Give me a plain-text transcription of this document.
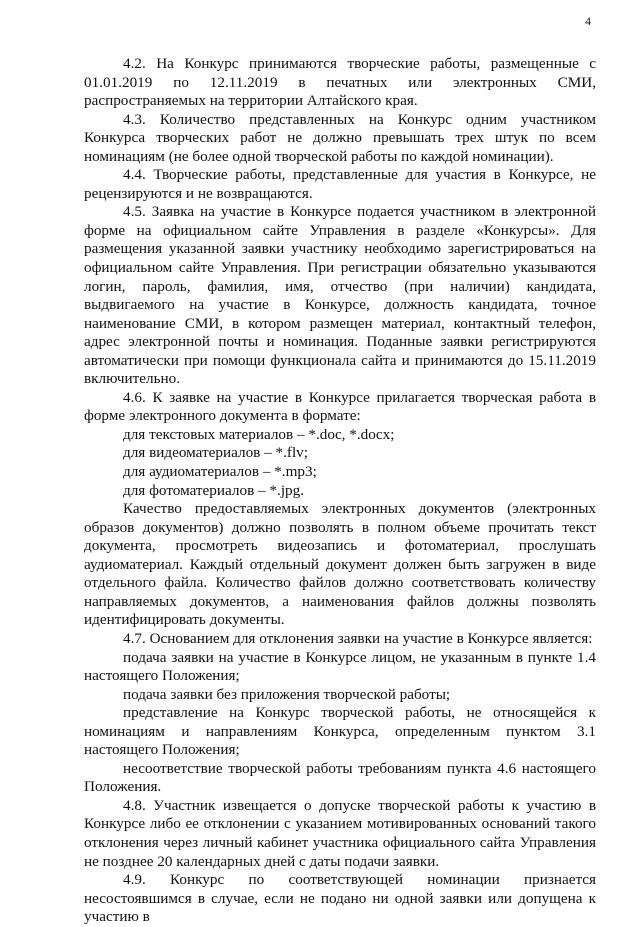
4

4.2. На Конкурс принимаются творческие работы, размещенные с 01.01.2019 по 12.11.2019 в печатных или электронных СМИ, распространяемых на территории Алтайского края.

4.3. Количество представленных на Конкурс одним участником Конкурса творческих работ не должно превышать трех штук по всем номинациям (не более одной творческой работы по каждой номинации).

4.4. Творческие работы, представленные для участия в Конкурсе, не рецензируются и не возвращаются.

4.5. Заявка на участие в Конкурсе подается участником в электронной форме на официальном сайте Управления в разделе «Конкурсы». Для размещения указанной заявки участнику необходимо зарегистрироваться на официальном сайте Управления. При регистрации обязательно указываются логин, пароль, фамилия, имя, отчество (при наличии) кандидата, выдвигаемого на участие в Конкурсе, должность кандидата, точное наименование СМИ, в котором размещен материал, контактный телефон, адрес электронной почты и номинация. Поданные заявки регистрируются автоматически при помощи функционала сайта и принимаются до 15.11.2019 включительно.

4.6. К заявке на участие в Конкурсе прилагается творческая работа в форме электронного документа в формате:

для текстовых материалов – *.doc, *.docx;

для видеоматериалов – *.flv;

для аудиоматериалов – *.mp3;

для фотоматериалов – *.jpg.

Качество предоставляемых электронных документов (электронных образов документов) должно позволять в полном объеме прочитать текст документа, просмотреть видеозапись и фотоматериал, прослушать аудиоматериал. Каждый отдельный документ должен быть загружен в виде отдельного файла. Количество файлов должно соответствовать количеству направляемых документов, а наименования файлов должны позволять идентифицировать документы.

4.7. Основанием для отклонения заявки на участие в Конкурсе является:

подача заявки на участие в Конкурсе лицом, не указанным в пункте 1.4 настоящего Положения;

подача заявки без приложения творческой работы;

представление на Конкурс творческой работы, не относящейся к номинациям и направлениям Конкурса, определенным пунктом 3.1 настоящего Положения;

несоответствие творческой работы требованиям пункта 4.6 настоящего Положения.

4.8. Участник извещается о допуске творческой работы к участию в Конкурсе либо ее отклонении с указанием мотивированных оснований такого отклонения через личный кабинет участника официального сайта Управления не позднее 20 календарных дней с даты подачи заявки.

4.9. Конкурс по соответствующей номинации признается несостоявшимся в случае, если не подано ни одной заявки или допущена к участию в
